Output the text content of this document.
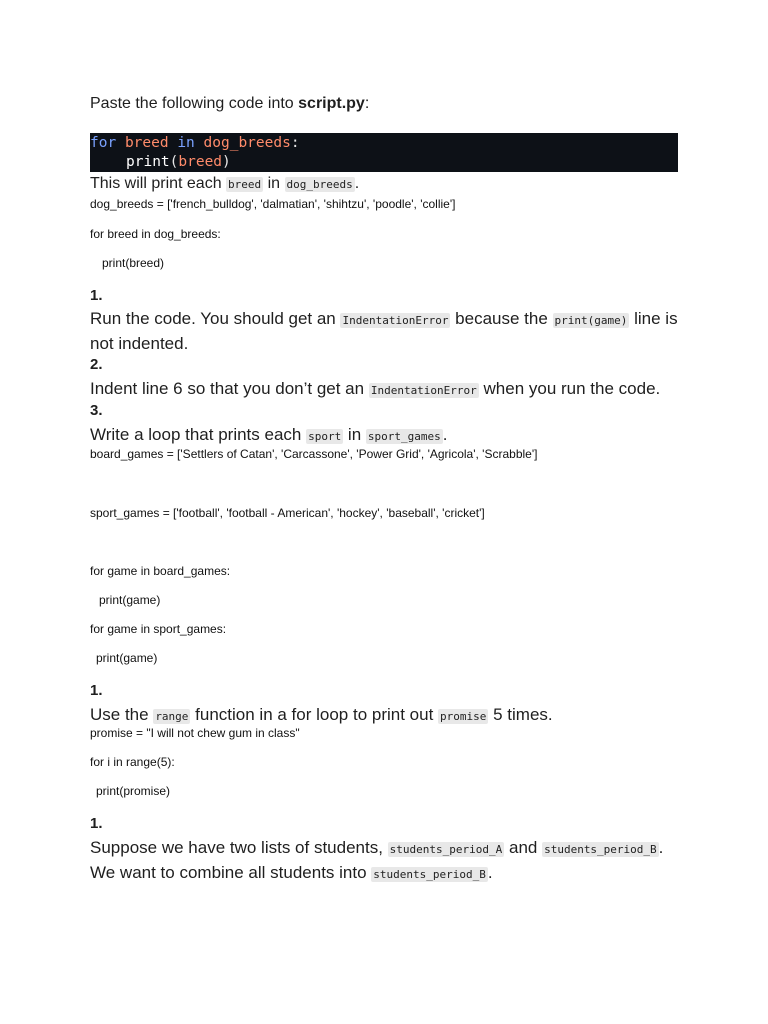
Paste the following code into script.py:
for breed in dog_breeds:
print(breed)
This will print each breed in dog_breeds .
dog_breeds = ['french_bulldog', 'dalmatian', 'shihtzu', 'poodle', 'collie']
for breed in dog_breeds:
print(breed)
1.
Run the code. You should get an IndentationError because the print(game) line is
not indented.
2.
Indent line 6 so that you don’t get an IndentationError when you run the code.
3.
Write a loop that prints each sport in sport_games .
board_games = ['Settlers of Catan', 'Carcassone', 'Power Grid', 'Agricola', 'Scrabble']
sport_games = ['football', 'football - American', 'hockey', 'baseball', 'cricket']
for game in board_games:
print(game)
for game in sport_games:
print(game)
1.
Use the range function in a for loop to print out promise 5 times.
promise = "I will not chew gum in class"
for i in range(5):
print(promise)
1.
Suppose we have two lists of students, students_period_A and students_period_B .
We want to combine all students into students_period_B .
